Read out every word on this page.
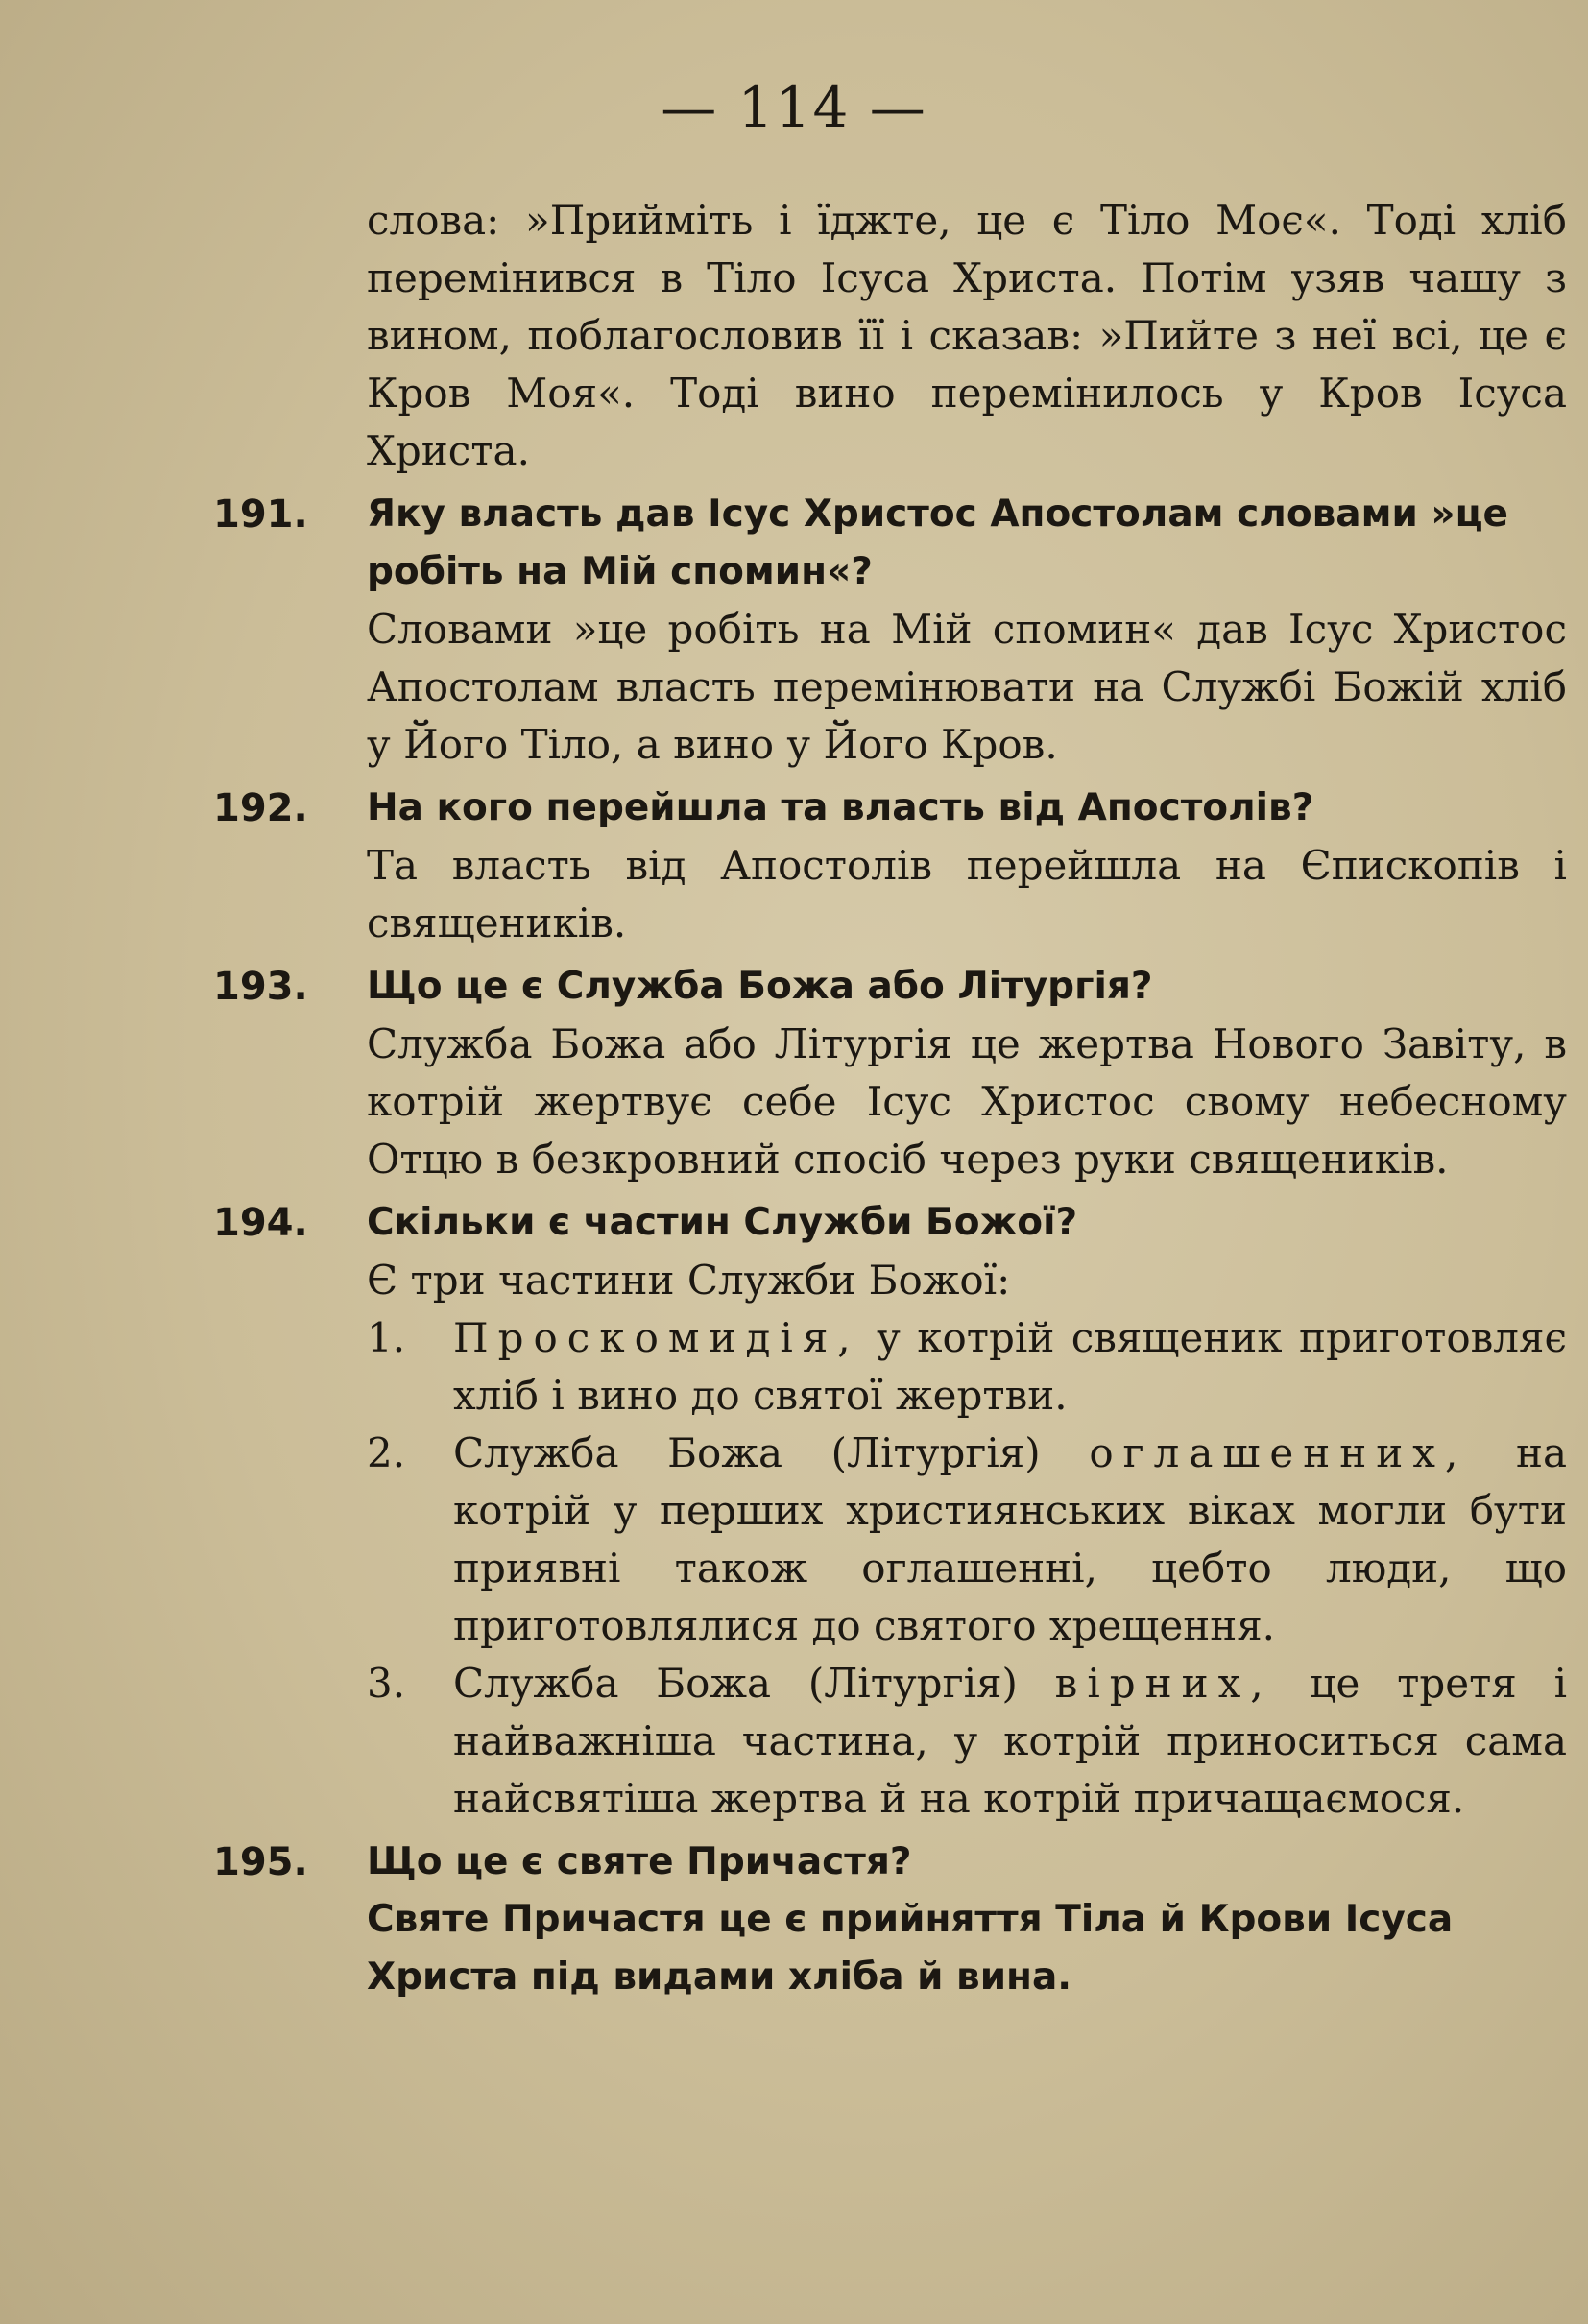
— 114 —
слова: »Прийміть і їджте, це є Тіло Моє«. Тоді хліб перемінився в Тіло Ісуса Христа. Потім узяв чашу з вином, поблагословив її і сказав: »Пийте з неї всі, це є Кров Моя«. Тоді вино перемінилось у Кров Ісуса Христа.
191.	Яку власть дав Ісус Христос Апостолам словами »це робіть на Мій спомин«?
Словами »це робіть на Мій спомин« дав Ісус Христос Апостолам власть перемінювати на Службі Божій хліб у Його Тіло, а вино у Його Кров.
192.	На кого перейшла та власть від Апостолів?
Та власть від Апостолів перейшла на Єпископів і священиків.
193.	Що це є Служба Божа або Літургія?
Служба Божа або Літургія це жертва Нового Завіту, в котрій жертвує себе Ісус Христос свому небесному Отцю в безкровний спосіб через руки священиків.
194.	Скільки є частин Служби Божої?
Є три частини Служби Божої:
1. Проскомидія, у котрій священик приготовляє хліб і вино до святої жертви.
2. Служба Божа (Літургія) оглашенних, на котрій у перших християнських віках могли бути приявні також оглашенні, цебто люди, що приготовлялися до святого хрещення.
3. Служба Божа (Літургія) вірних, це третя і найважніша частина, у котрій приноситься сама найсвятіша жертва й на котрій причащаємося.
195.	Що це є святе Причастя?
Святе Причастя це є прийняття Тіла й Крови Ісуса Христа під видами хліба й вина.
